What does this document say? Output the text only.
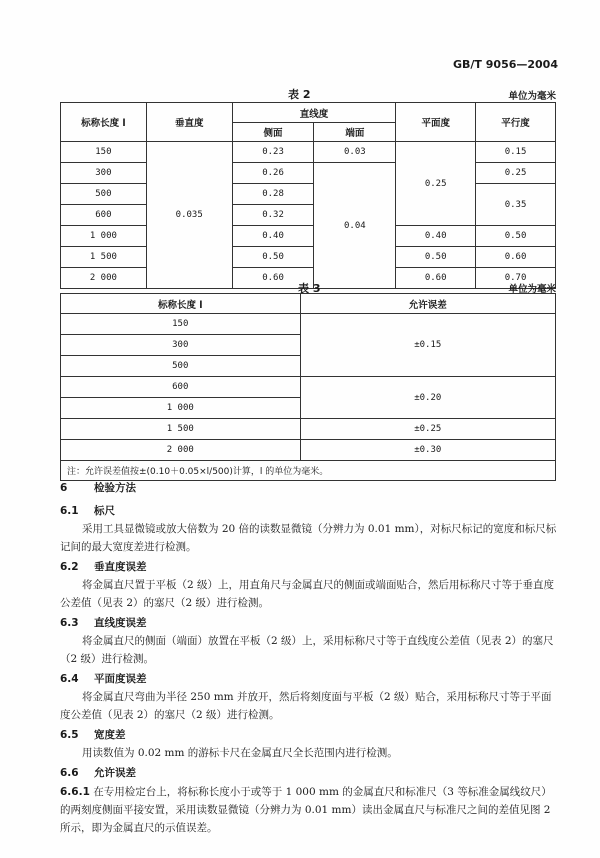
GB/T 9056—2004
表 2	单位为毫米
标称长度 l	垂直度	直线度		平面度	平行度
		侧面	端面		
150	0.035	0.23	0.03	0.25	0.15
300		0.26	0.04		0.25
500		0.28			0.35
600		0.32			
1 000		0.40		0.40	0.50
1 500		0.50		0.50	0.60
2 000		0.60		0.60	0.70
表 3	单位为毫米
标称长度 l	允许误差
150	±0.15
300	
500	
600	±0.20
1 000	
1 500	±0.25
2 000	±0.30
注：允许误差值按±(0.10＋0.05×l/500)计算，l 的单位为毫米。	
6	检验方法
6.1 标尺
采用工具显微镜或放大倍数为 20 倍的读数显微镜（分辨力为 0.01 mm），对标尺标记的宽度和标尺标记间的最大宽度差进行检测。
6.2 垂直度误差
将金属直尺置于平板（2 级）上，用直角尺与金属直尺的侧面或端面贴合，然后用标称尺寸等于垂直度公差值（见表 2）的塞尺（2 级）进行检测。
6.3 直线度误差
将金属直尺的侧面（端面）放置在平板（2 级）上，采用标称尺寸等于直线度公差值（见表 2）的塞尺（2 级）进行检测。
6.4 平面度误差
将金属直尺弯曲为半径 250 mm 并放开，然后将刻度面与平板（2 级）贴合，采用标称尺寸等于平面度公差值（见表 2）的塞尺（2 级）进行检测。
6.5 宽度差
用读数值为 0.02 mm 的游标卡尺在金属直尺全长范围内进行检测。
6.6 允许误差
6.6.1 在专用检定台上，将标称长度小于或等于 1 000 mm 的金属直尺和标准尺（3 等标准金属线纹尺）的两刻度侧面平接安置，采用读数显微镜（分辨力为 0.01 mm）读出金属直尺与标准尺之间的差值见图 2 所示，即为金属直尺的示值误差。
